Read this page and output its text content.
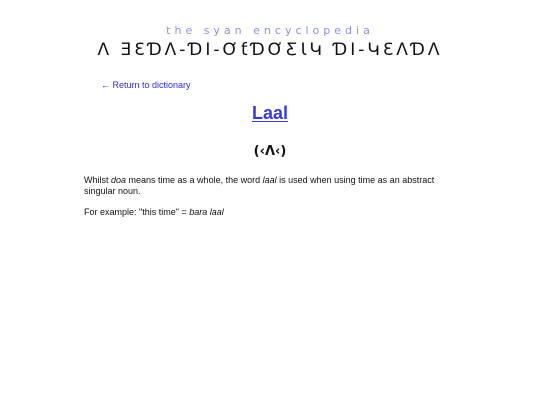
the syan encyclopedia
Λ ƎƐƊΛ-ƊΙ-ƠƭƊƠƸƖԿ ƊΙ-ԿƐΛƊΛ
← Return to dictionary
Laal
(‹Λ‹)

Whilst doa means time as a whole, the word laal is used when using time as an abstract singular noun.

For example: "this time" = bara laal
